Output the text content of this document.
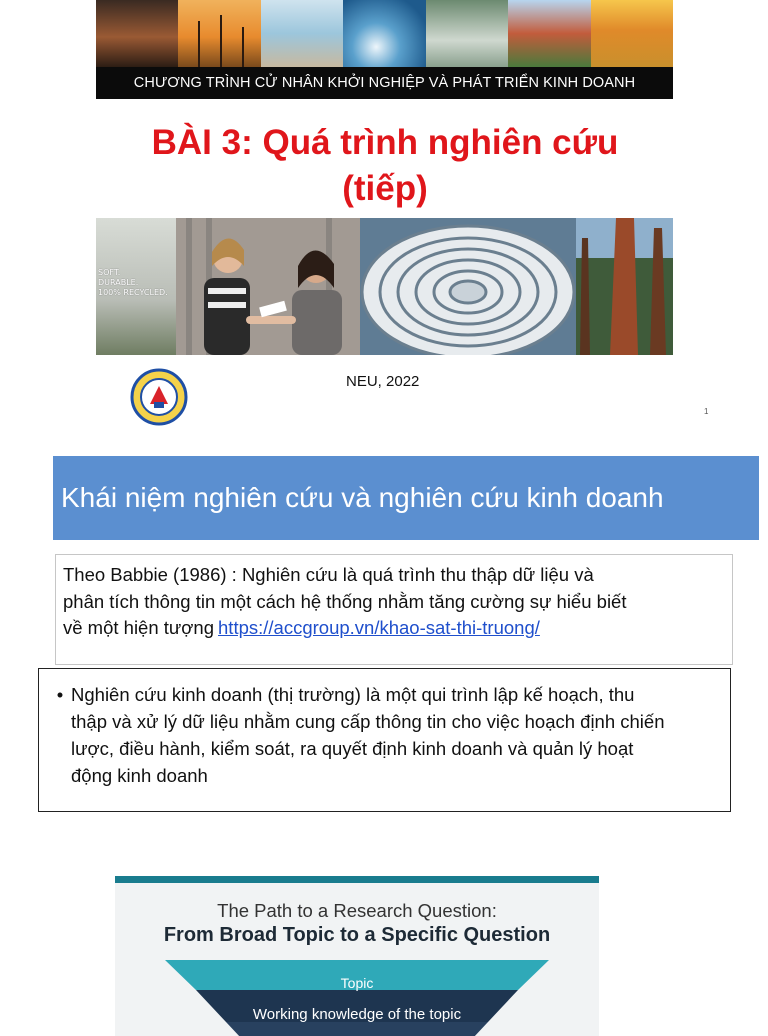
CHƯƠNG TRÌNH CỬ NHÂN KHỞI NGHIỆP VÀ PHÁT TRIỂN KINH DOANH
BÀI 3: Quá trình nghiên cứu
(tiếp)
SOFT.
DURABLE.
100% RECYCLED.
NEU, 2022
1
Khái niệm nghiên cứu và nghiên cứu kinh doanh
Theo Babbie (1986) : Nghiên cứu là quá trình thu thập dữ liệu và
phân tích thông tin một cách hệ thống nhằm tăng cường sự hiểu biết
về một hiện tượng https://accgroup.vn/khao-sat-thi-truong/
• Nghiên cứu kinh doanh (thị trường) là một qui trình lập kế hoạch, thu
thập và xử lý dữ liệu nhằm cung cấp thông tin cho việc hoạch định chiến
lược, điều hành, kiểm soát, ra quyết định kinh doanh và quản lý hoạt
động kinh doanh
The Path to a Research Question:
From Broad Topic to a Specific Question
Topic
Working knowledge of the topic
